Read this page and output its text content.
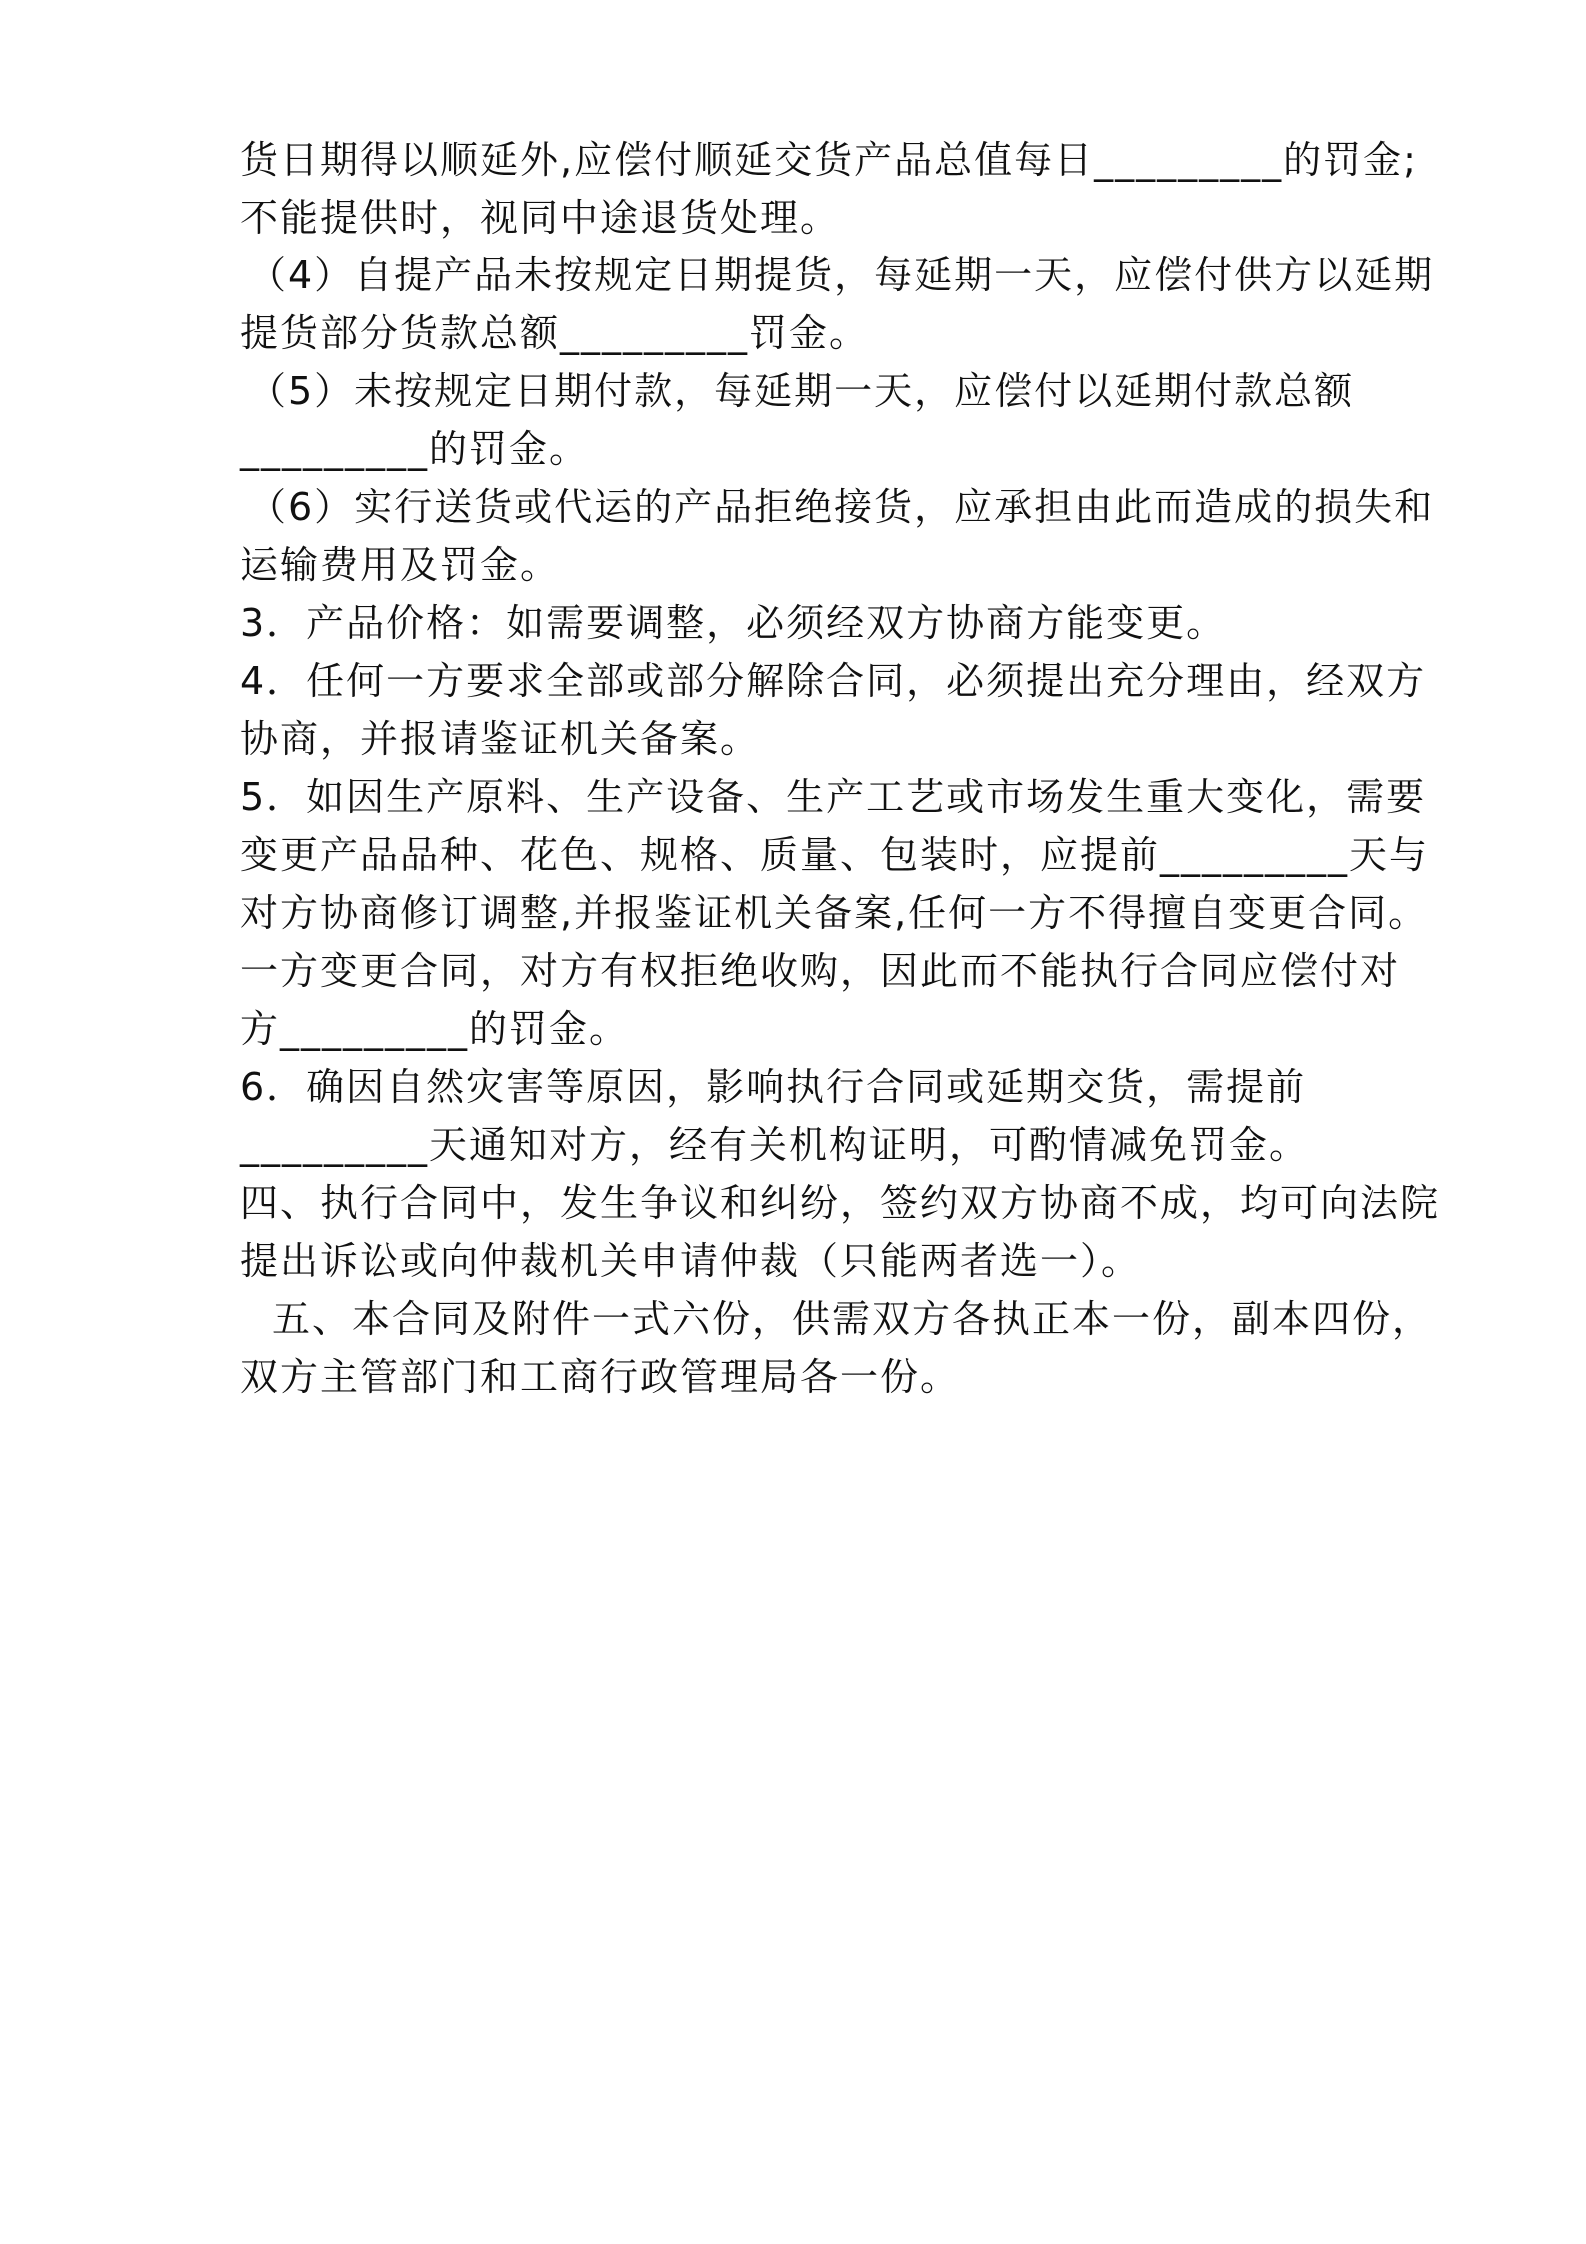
货日期得以顺延外,应偿付顺延交货产品总值每日_________的罚金;
不能提供时，视同中途退货处理。
（4）自提产品未按规定日期提货，每延期一天，应偿付供方以延期
提货部分货款总额_________罚金。
（5）未按规定日期付款，每延期一天，应偿付以延期付款总额
_________的罚金。
（6）实行送货或代运的产品拒绝接货，应承担由此而造成的损失和
运输费用及罚金。
3．产品价格：如需要调整，必须经双方协商方能变更。
4．任何一方要求全部或部分解除合同，必须提出充分理由，经双方
协商，并报请鉴证机关备案。
5．如因生产原料、生产设备、生产工艺或市场发生重大变化，需要
变更产品品种、花色、规格、质量、包装时，应提前_________天与
对方协商修订调整,并报鉴证机关备案,任何一方不得擅自变更合同。
一方变更合同，对方有权拒绝收购，因此而不能执行合同应偿付对
方_________的罚金。
6．确因自然灾害等原因，影响执行合同或延期交货，需提前
_________天通知对方，经有关机构证明，可酌情减免罚金。
四、执行合同中，发生争议和纠纷，签约双方协商不成，均可向法院
提出诉讼或向仲裁机关申请仲裁（只能两者选一）。
五、本合同及附件一式六份，供需双方各执正本一份，副本四份，
双方主管部门和工商行政管理局各一份。
